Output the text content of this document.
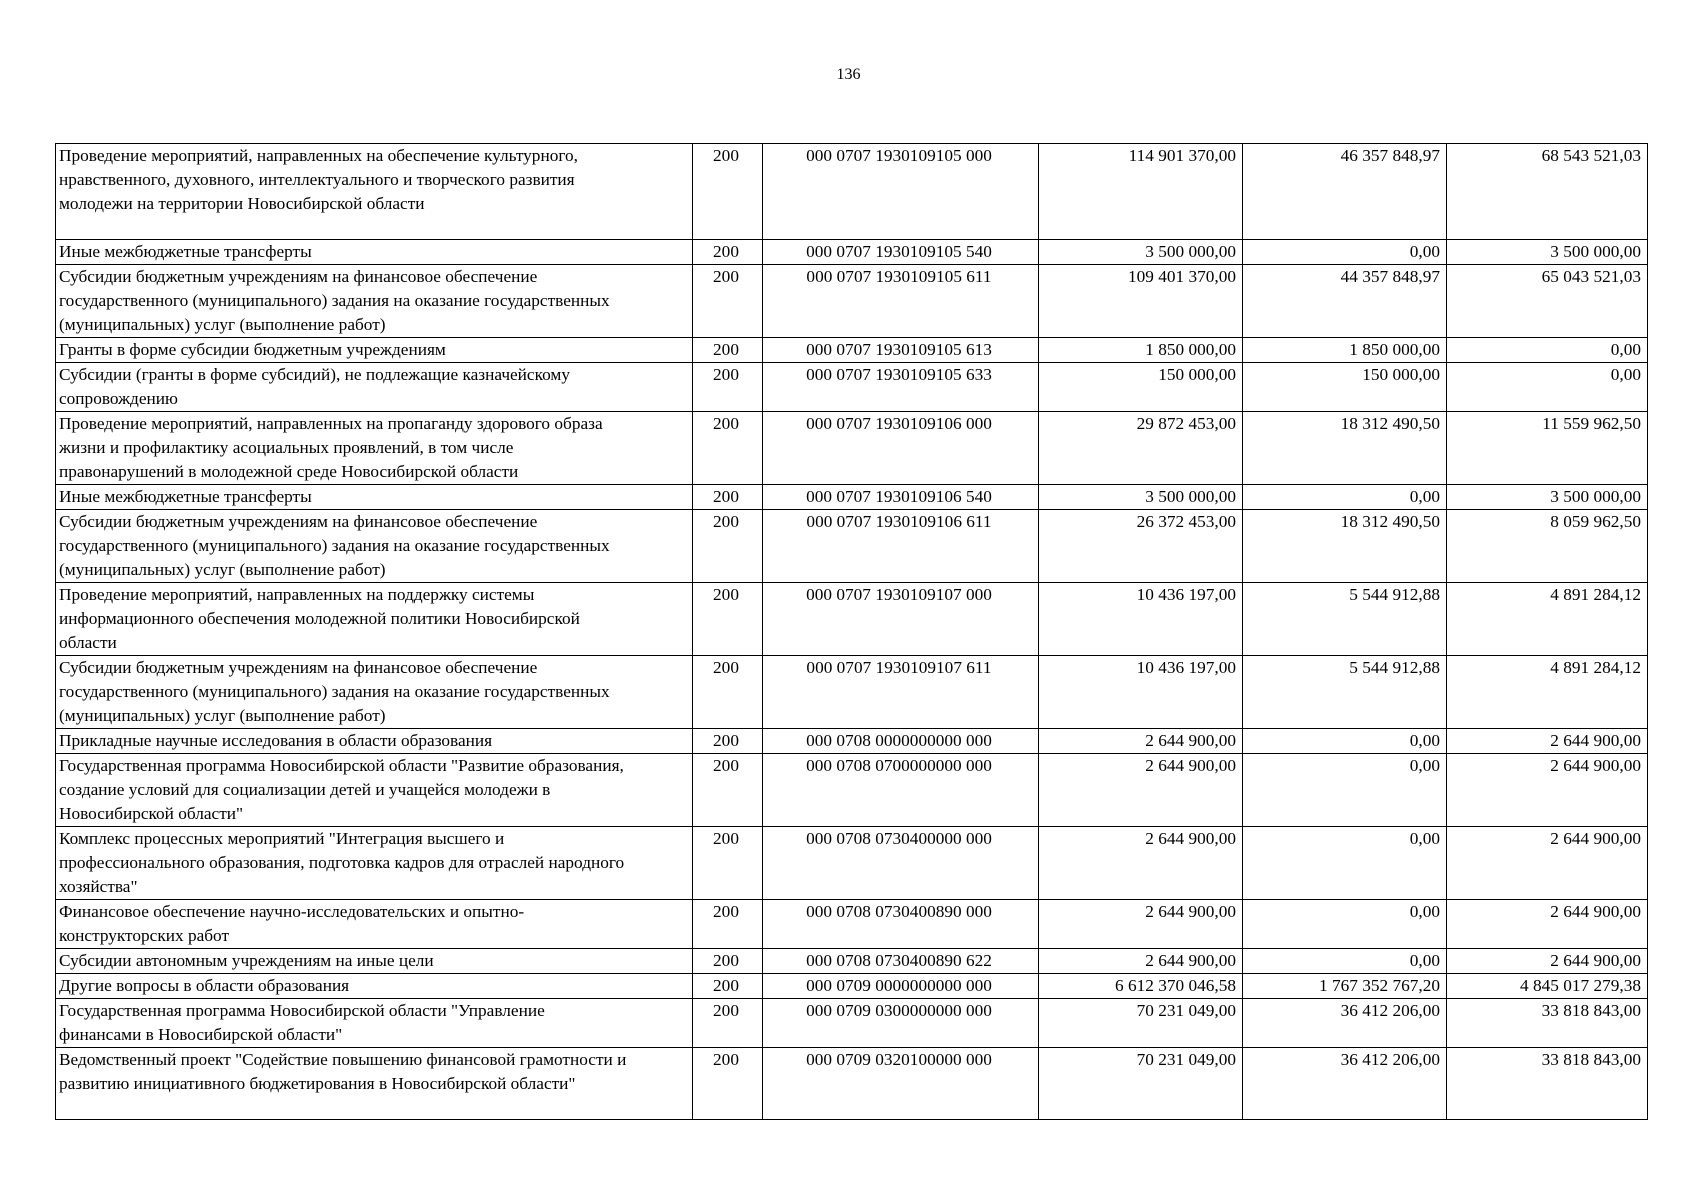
136
Проведение мероприятий, направленных на обеспечение культурного,
нравственного, духовного, интеллектуального и творческого развития
молодежи на территории Новосибирской области	200	000 0707 1930109105 000	114 901 370,00	46 357 848,97	68 543 521,03
Иные межбюджетные трансферты	200	000 0707 1930109105 540	3 500 000,00	0,00	3 500 000,00
Субсидии бюджетным учреждениям на финансовое обеспечение
государственного (муниципального) задания на оказание государственных
(муниципальных) услуг (выполнение работ)	200	000 0707 1930109105 611	109 401 370,00	44 357 848,97	65 043 521,03
Гранты в форме субсидии бюджетным учреждениям	200	000 0707 1930109105 613	1 850 000,00	1 850 000,00	0,00
Субсидии (гранты в форме субсидий), не подлежащие казначейскому
сопровождению	200	000 0707 1930109105 633	150 000,00	150 000,00	0,00
Проведение мероприятий, направленных на пропаганду здорового образа
жизни и профилактику асоциальных проявлений, в том числе
правонарушений в молодежной среде Новосибирской области	200	000 0707 1930109106 000	29 872 453,00	18 312 490,50	11 559 962,50
Иные межбюджетные трансферты	200	000 0707 1930109106 540	3 500 000,00	0,00	3 500 000,00
Субсидии бюджетным учреждениям на финансовое обеспечение
государственного (муниципального) задания на оказание государственных
(муниципальных) услуг (выполнение работ)	200	000 0707 1930109106 611	26 372 453,00	18 312 490,50	8 059 962,50
Проведение мероприятий, направленных на поддержку системы
информационного обеспечения молодежной политики Новосибирской
области	200	000 0707 1930109107 000	10 436 197,00	5 544 912,88	4 891 284,12
Субсидии бюджетным учреждениям на финансовое обеспечение
государственного (муниципального) задания на оказание государственных
(муниципальных) услуг (выполнение работ)	200	000 0707 1930109107 611	10 436 197,00	5 544 912,88	4 891 284,12
Прикладные научные исследования в области образования	200	000 0708 0000000000 000	2 644 900,00	0,00	2 644 900,00
Государственная программа Новосибирской области "Развитие образования,
создание условий для социализации детей и учащейся молодежи в
Новосибирской области"	200	000 0708 0700000000 000	2 644 900,00	0,00	2 644 900,00
Комплекс процессных мероприятий "Интеграция высшего и
профессионального образования, подготовка кадров для отраслей народного
хозяйства"	200	000 0708 0730400000 000	2 644 900,00	0,00	2 644 900,00
Финансовое обеспечение научно-исследовательских и опытно-
конструкторских работ	200	000 0708 0730400890 000	2 644 900,00	0,00	2 644 900,00
Субсидии автономным учреждениям на иные цели	200	000 0708 0730400890 622	2 644 900,00	0,00	2 644 900,00
Другие вопросы в области образования	200	000 0709 0000000000 000	6 612 370 046,58	1 767 352 767,20	4 845 017 279,38
Государственная программа Новосибирской области "Управление
финансами в Новосибирской области"	200	000 0709 0300000000 000	70 231 049,00	36 412 206,00	33 818 843,00
Ведомственный проект "Содействие повышению финансовой грамотности и
развитию инициативного бюджетирования в Новосибирской области"	200	000 0709 0320100000 000	70 231 049,00	36 412 206,00	33 818 843,00
